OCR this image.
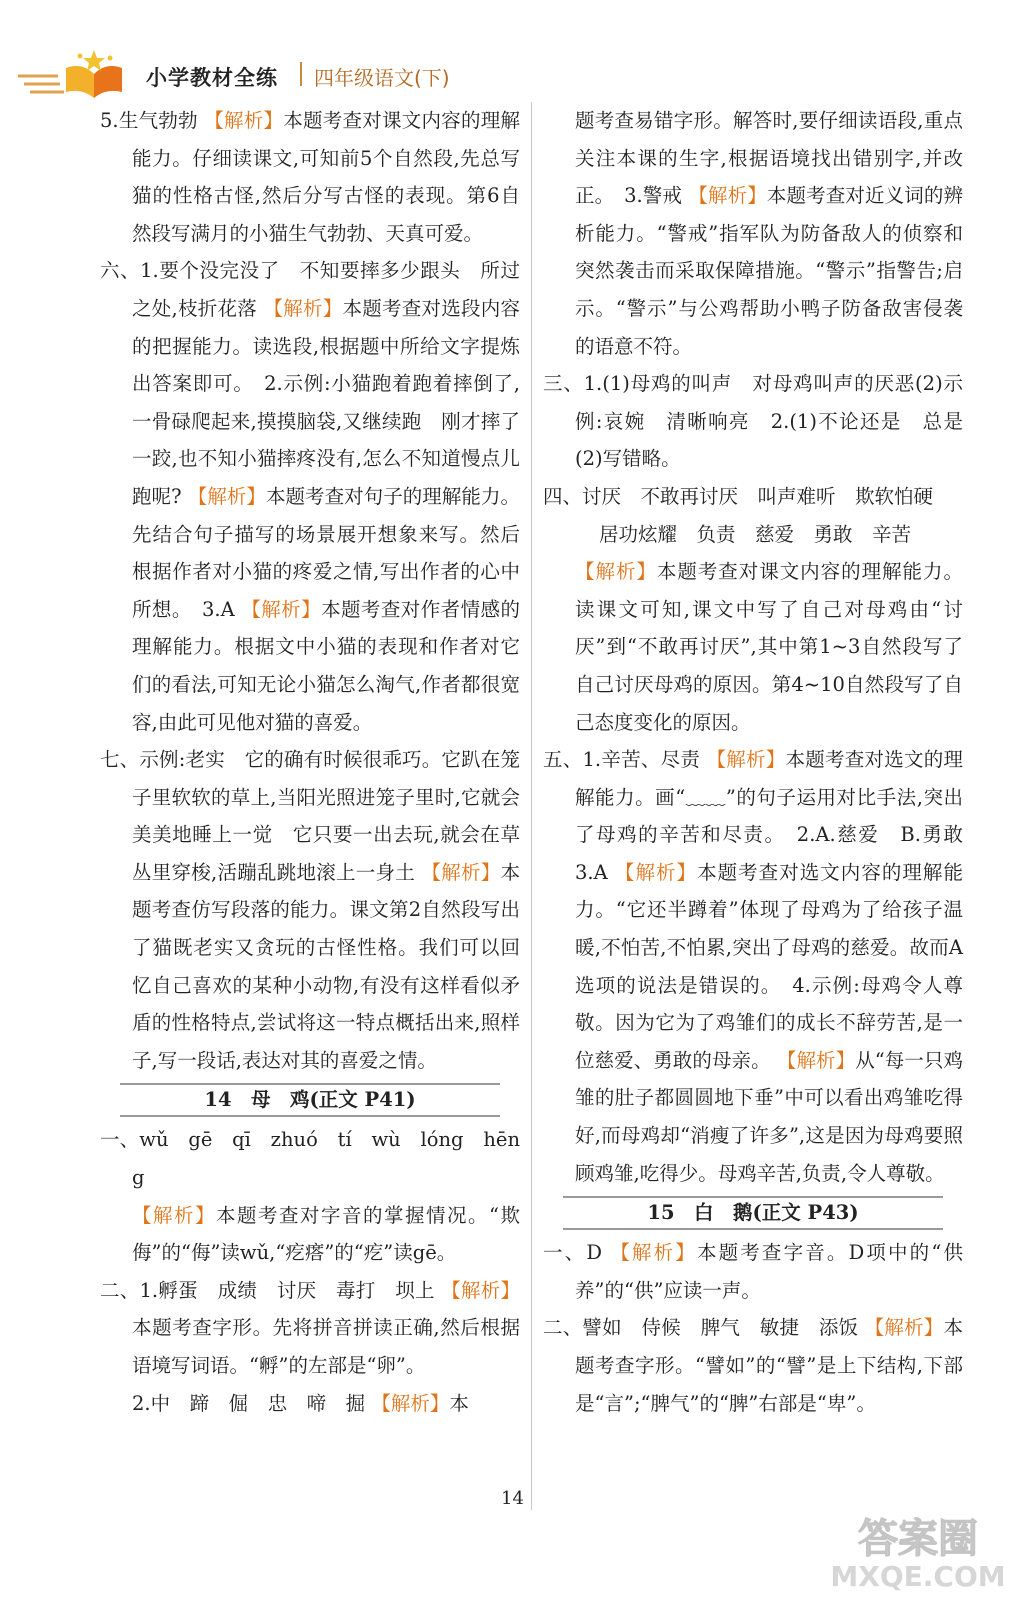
小学教材全练 四年级语文(下)
5.生气勃勃 【解析】本题考查对课文内容的理解能力。仔细读课文,可知前5个自然段,先总写猫的性格古怪,然后分写古怪的表现。第6自然段写满月的小猫生气勃勃、天真可爱。
六、1.要个没完没了　不知要摔多少跟头　所过之处,枝折花落 【解析】本题考查对选段内容的把握能力。读选段,根据题中所给文字提炼出答案即可。　2.示例:小猫跑着跑着摔倒了,一骨碌爬起来,摸摸脑袋,又继续跑　刚才摔了一跤,也不知小猫摔疼没有,怎么不知道慢点儿跑呢? 【解析】本题考查对句子的理解能力。先结合句子描写的场景展开想象来写。然后根据作者对小猫的疼爱之情,写出作者的心中所想。　3.A 【解析】本题考查对作者情感的理解能力。根据文中小猫的表现和作者对它们的看法,可知无论小猫怎么淘气,作者都很宽容,由此可见他对猫的喜爱。
七、示例:老实　它的确有时候很乖巧。它趴在笼子里软软的草上,当阳光照进笼子里时,它就会美美地睡上一觉　它只要一出去玩,就会在草丛里穿梭,活蹦乱跳地滚上一身土 【解析】本题考查仿写段落的能力。课文第2自然段写出了猫既老实又贪玩的古怪性格。我们可以回忆自己喜欢的某种小动物,有没有这样看似矛盾的性格特点,尝试将这一特点概括出来,照样子,写一段话,表达对其的喜爱之情。
14　母　鸡(正文 P41)
一、wǔ　gē　qī　zhuó　tí　wù　lóng　hēng
【解析】本题考查对字音的掌握情况。“欺侮”的“侮”读wǔ,“疙瘩”的“疙”读gē。
二、1.孵蛋　成绩　讨厌　毒打　坝上 【解析】本题考查字形。先将拼音拼读正确,然后根据语境写词语。“孵”的左部是“卵”。
2.中　蹄　倔　忠　啼　掘 【解析】本
题考查易错字形。解答时,要仔细读语段,重点关注本课的生字,根据语境找出错别字,并改正。　3.警戒 【解析】本题考查对近义词的辨析能力。“警戒”指军队为防备敌人的侦察和突然袭击而采取保障措施。“警示”指警告;启示。“警示”与公鸡帮助小鸭子防备敌害侵袭的语意不符。
三、1.(1)母鸡的叫声　对母鸡叫声的厌恶(2)示例:哀婉　清晰响亮　2.(1)不论还是　总是　(2)写错略。
四、讨厌　不敢再讨厌　叫声难听　欺软怕硬
居功炫耀　负责　慈爱　勇敢　辛苦
【解析】本题考查对课文内容的理解能力。读课文可知,课文中写了自己对母鸡由“讨厌”到“不敢再讨厌”,其中第1~3自然段写了自己讨厌母鸡的原因。第4~10自然段写了自己态度变化的原因。
五、1.辛苦、尽责 【解析】本题考查对选文的理解能力。画“﹏﹏”的句子运用对比手法,突出了母鸡的辛苦和尽责。　2.A.慈爱　B.勇敢　3.A 【解析】本题考查对选文内容的理解能力。“它还半蹲着”体现了母鸡为了给孩子温暖,不怕苦,不怕累,突出了母鸡的慈爱。故而A选项的说法是错误的。　4.示例:母鸡令人尊敬。因为它为了鸡雏们的成长不辞劳苦,是一位慈爱、勇敢的母亲。 【解析】从“每一只鸡雏的肚子都圆圆地下垂”中可以看出鸡雏吃得好,而母鸡却“消瘦了许多”,这是因为母鸡要照顾鸡雏,吃得少。母鸡辛苦,负责,令人尊敬。
15　白　鹅(正文 P43)
一、D 【解析】本题考查字音。D项中的“供养”的“供”应读一声。
二、譬如　侍候　脾气　敏捷　添饭 【解析】本题考查字形。“譬如”的“譬”是上下结构,下部是“言”;“脾气”的“脾”右部是“卑”。
14
答案圈
MXQE.COM
